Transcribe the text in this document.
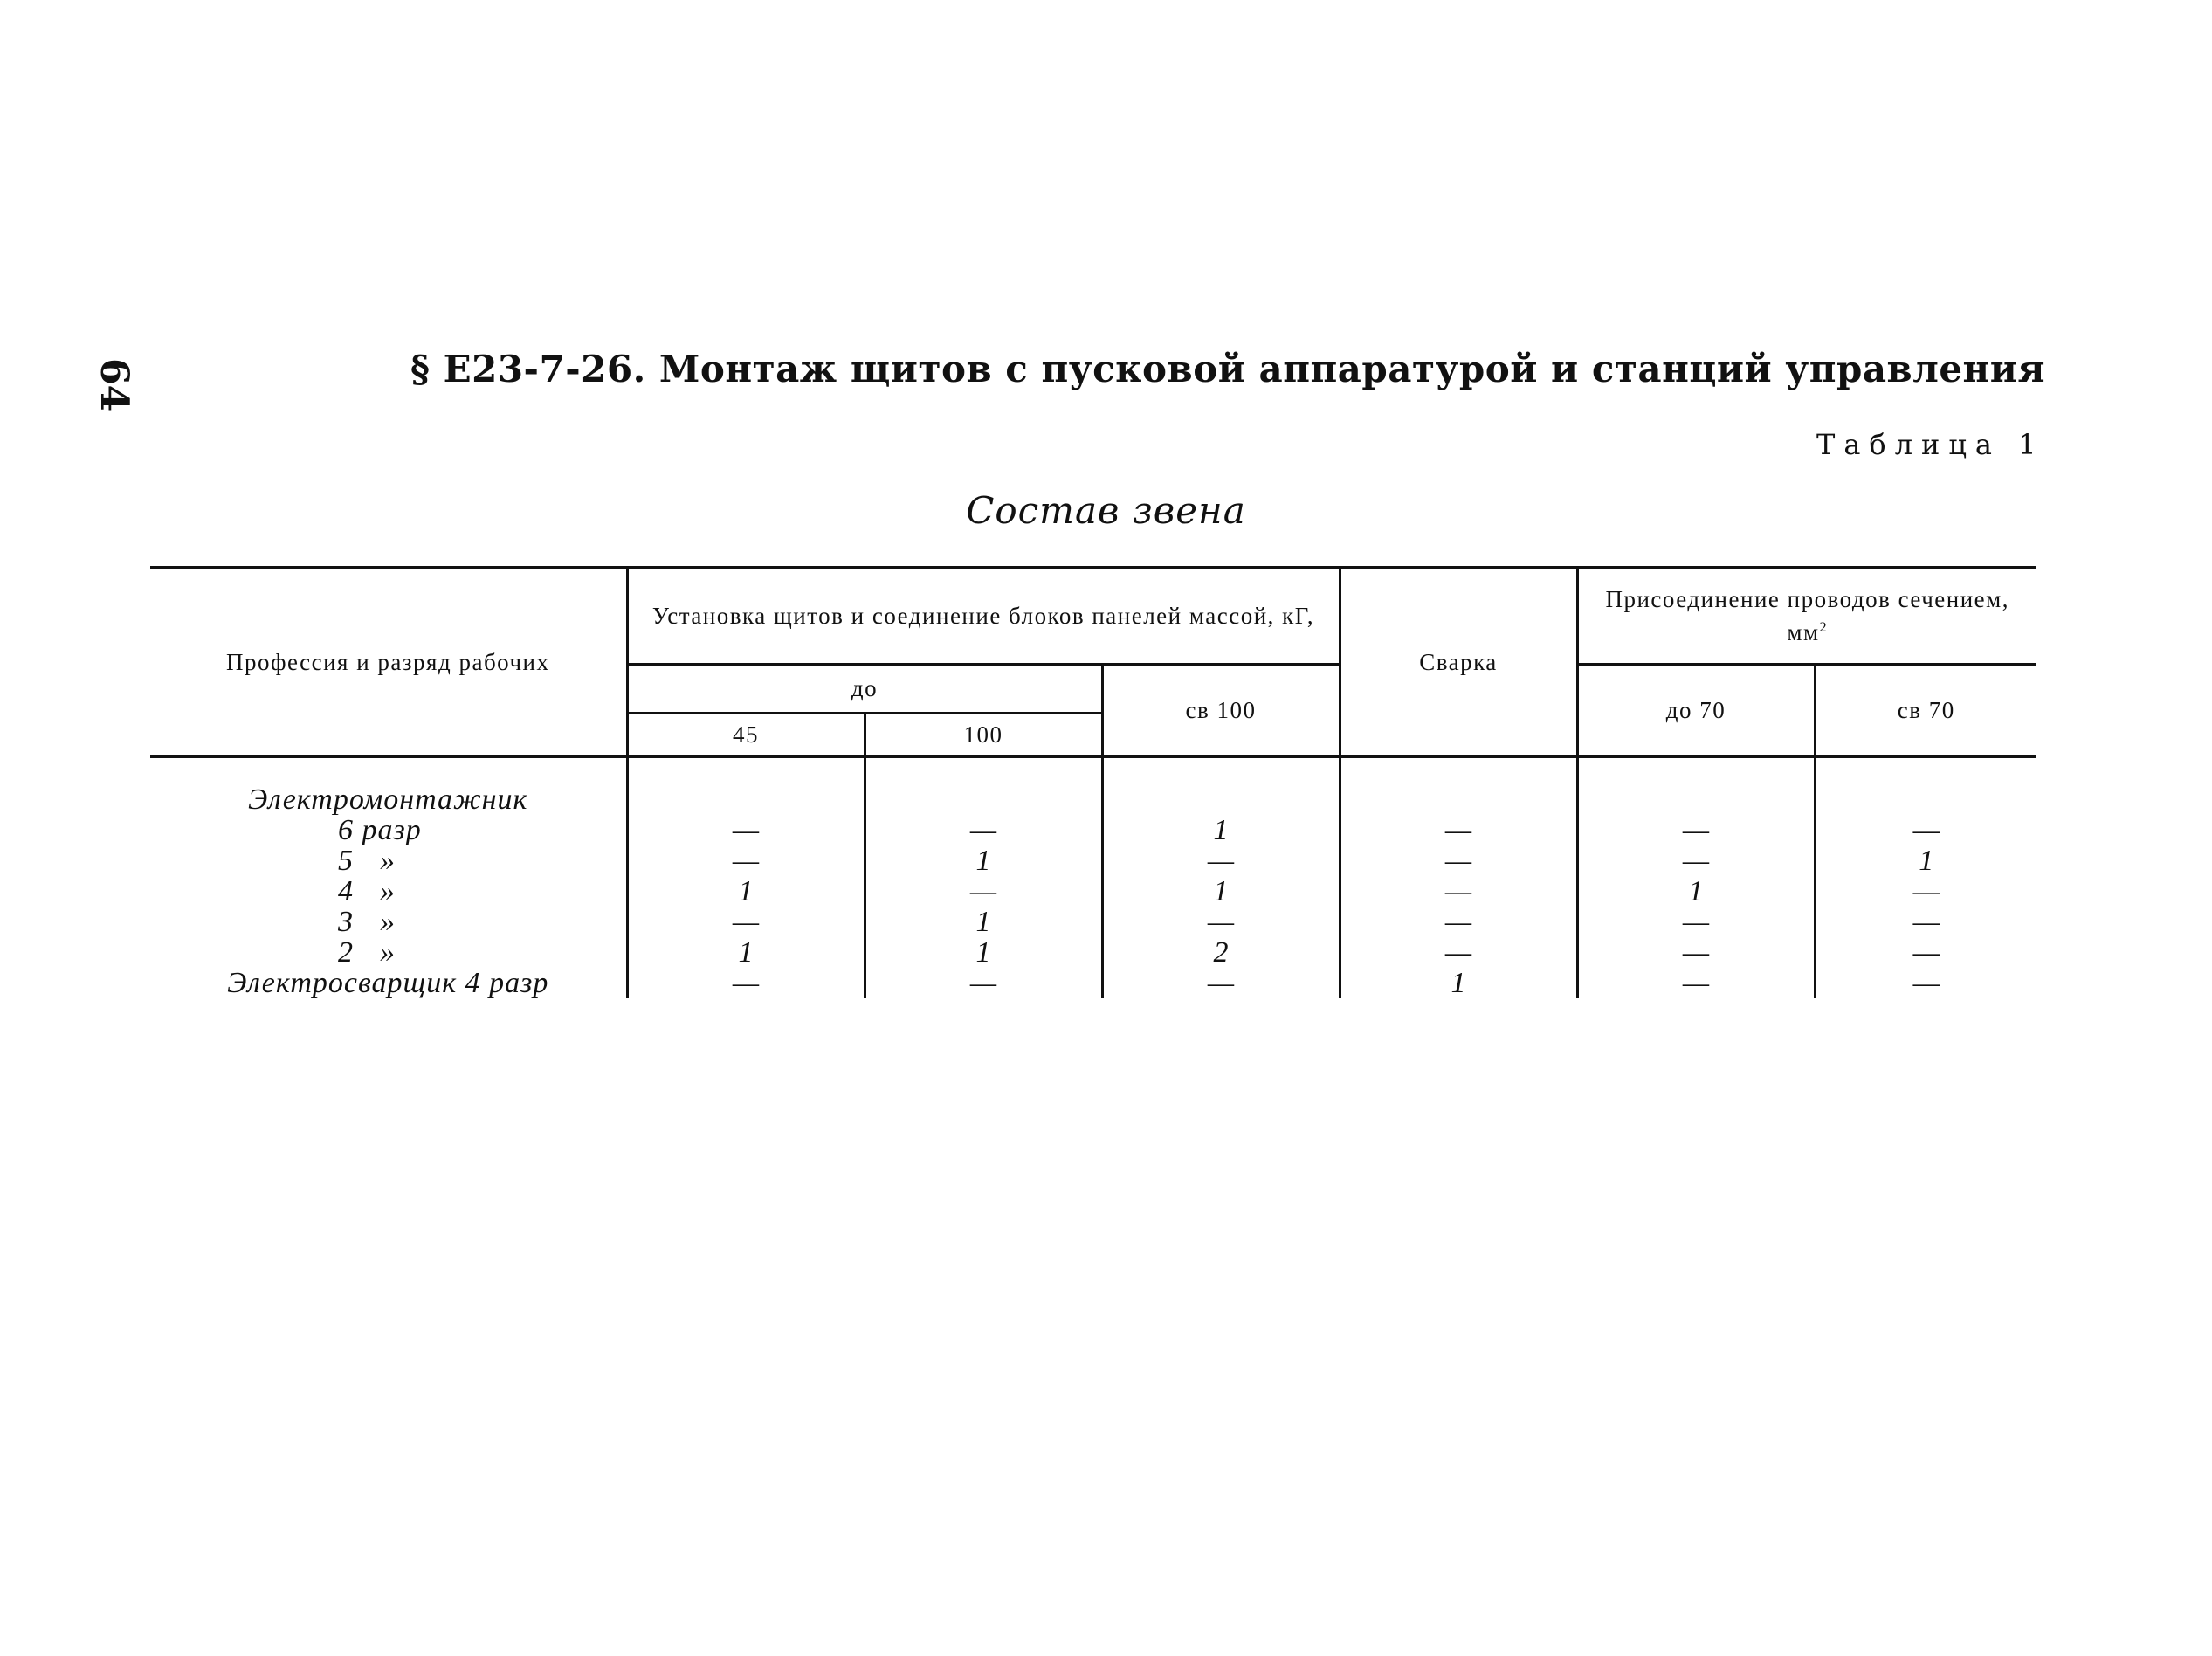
64	§ Е23-7-26. Монтаж щитов с пусковой аппаратурой и станций управления
Таблица 1
Состав звена
Профессия и разряд рабочих	Установка щитов и соединение блоков панелей массой, кГ,			Сварка	Присоединение проводов сечением, $мм^2$
	до		св 100		до 70	св 70
	45	100				
Электромонтажник						
6 разр	—	—	1	—	—	—
5 »	—	1	—	—	—	1
4 »	1	—	1	—	1	—
3 »	—	1	—	—	—	—
2 »	1	1	2	—	—	—
Электросварщик 4 разр	—	—	—	1	—	—
